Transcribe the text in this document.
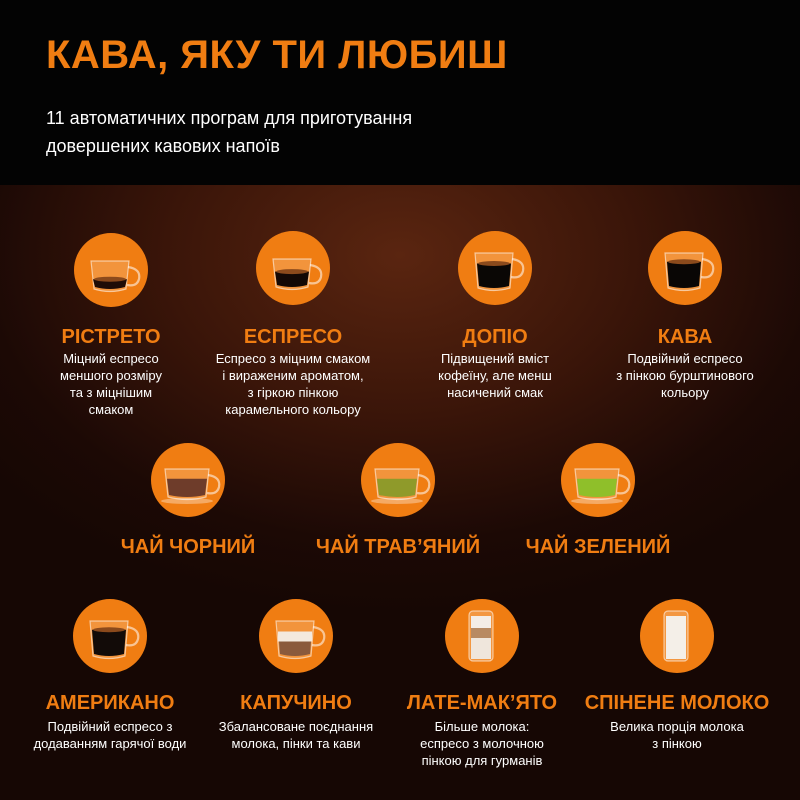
КАВА, ЯКУ ТИ ЛЮБИШ
11 автоматичних програм для приготування
довершених кавових напоїв
РІСТРЕТО
Міцний еспресо
меншого розміру
та з міцнішим
смаком
ЕСПРЕСО
Еспресо з міцним смаком
і вираженим ароматом,
з гіркою пінкою
карамельного кольору
ДОПІО
Підвищений вміст
кофеїну, але менш
насичений смак
КАВА
Подвійний еспресо
з пінкою бурштинового
кольору
ЧАЙ ЧОРНИЙ	ЧАЙ ТРАВ’ЯНИЙ ЧАЙ ЗЕЛЕНИЙ
АМЕРИКАНО
Подвійний еспресо з
додаванням гарячої води
КАПУЧИНО
Збалансоване поєднання
молока, пінки та кави
ЛАТЕ-МАК’ЯТО
Більше молока:
еспресо з молочною
пінкою для гурманів
СПІНЕНЕ МОЛОКО
Велика порція молока
з пінкою
